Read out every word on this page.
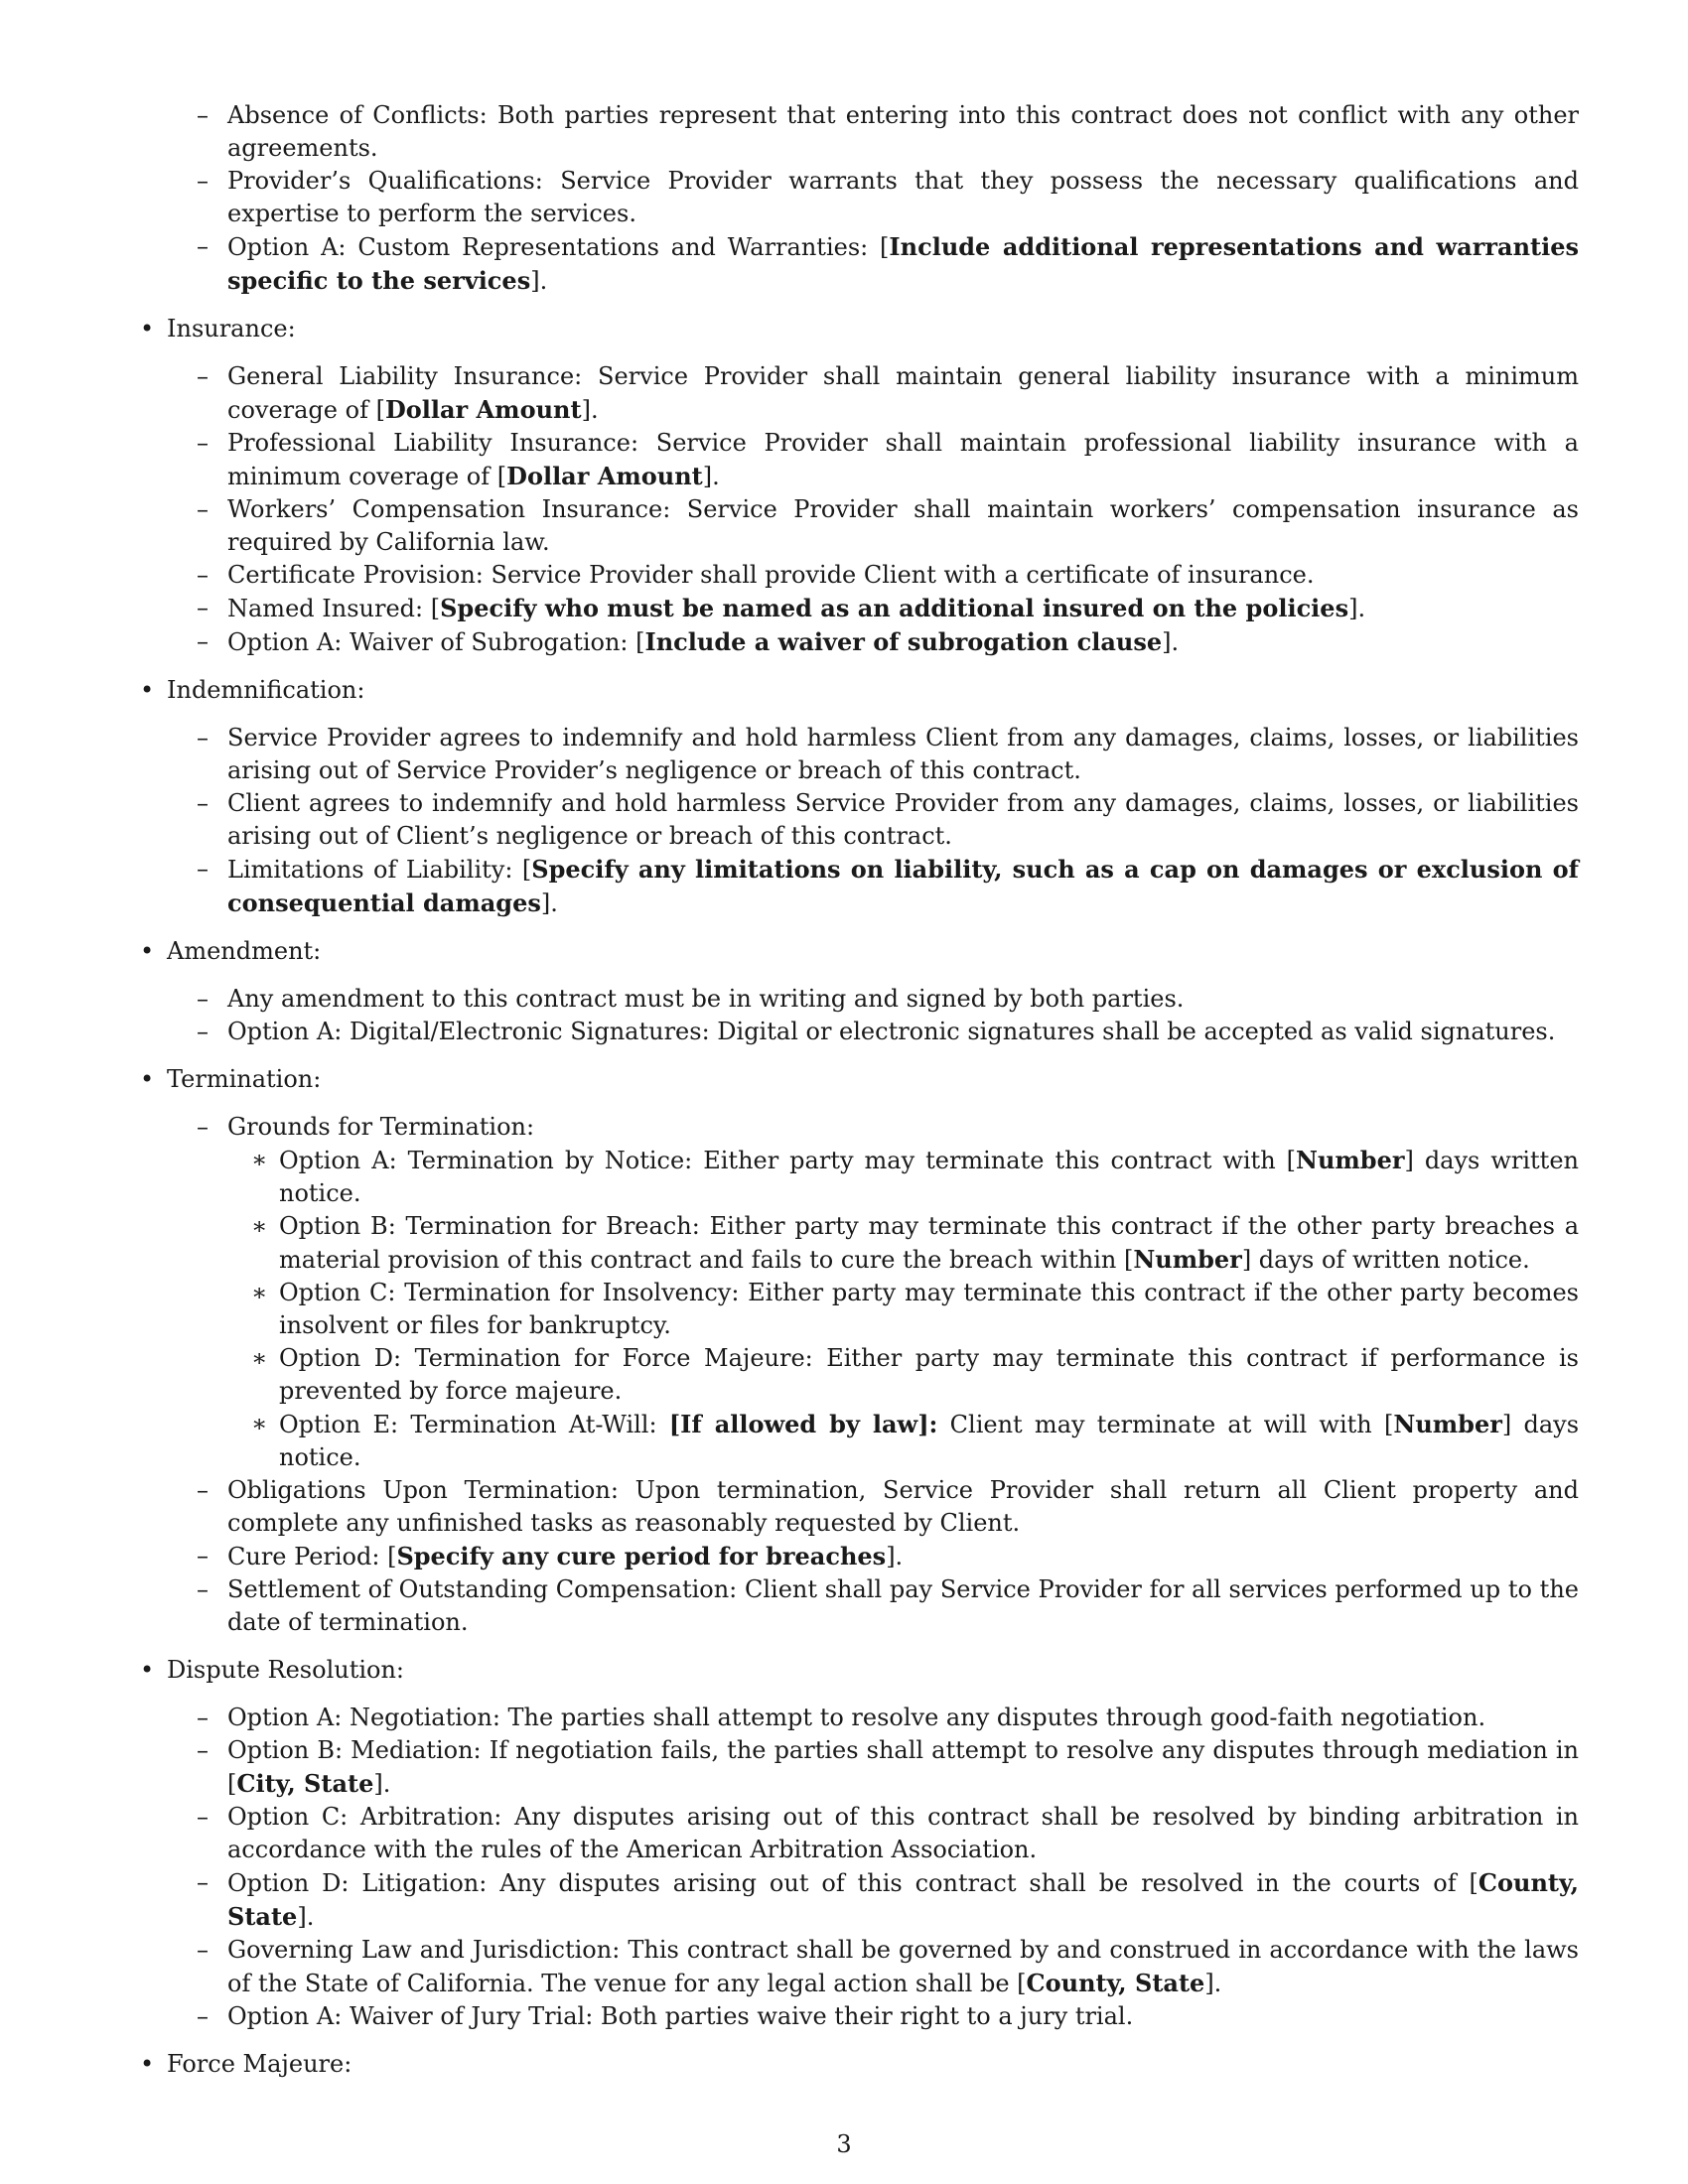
– Absence of Conflicts: Both parties represent that entering into this contract does not conflict with any other agreements.
– Provider’s Qualifications: Service Provider warrants that they possess the necessary qualifications and expertise to perform the services.
– Option A: Custom Representations and Warranties: [Include additional representations and warranties specific to the services].
• Insurance:
– General Liability Insurance: Service Provider shall maintain general liability insurance with a minimum coverage of [Dollar Amount].
– Professional Liability Insurance: Service Provider shall maintain professional liability insurance with a minimum coverage of [Dollar Amount].
– Workers’ Compensation Insurance: Service Provider shall maintain workers’ compensation insurance as required by California law.
– Certificate Provision: Service Provider shall provide Client with a certificate of insurance.
– Named Insured: [Specify who must be named as an additional insured on the policies].
– Option A: Waiver of Subrogation: [Include a waiver of subrogation clause].
• Indemnification:
– Service Provider agrees to indemnify and hold harmless Client from any damages, claims, losses, or liabilities arising out of Service Provider’s negligence or breach of this contract.
– Client agrees to indemnify and hold harmless Service Provider from any damages, claims, losses, or liabilities arising out of Client’s negligence or breach of this contract.
– Limitations of Liability: [Specify any limitations on liability, such as a cap on damages or exclusion of consequential damages].
• Amendment:
– Any amendment to this contract must be in writing and signed by both parties.
– Option A: Digital/Electronic Signatures: Digital or electronic signatures shall be accepted as valid signatures.
• Termination:
– Grounds for Termination:
∗ Option A: Termination by Notice: Either party may terminate this contract with [Number] days written notice.
∗ Option B: Termination for Breach: Either party may terminate this contract if the other party breaches a material provision of this contract and fails to cure the breach within [Number] days of written notice.
∗ Option C: Termination for Insolvency: Either party may terminate this contract if the other party becomes insolvent or files for bankruptcy.
∗ Option D: Termination for Force Majeure: Either party may terminate this contract if performance is prevented by force majeure.
∗ Option E: Termination At-Will: [If allowed by law]: Client may terminate at will with [Number] days notice.
– Obligations Upon Termination: Upon termination, Service Provider shall return all Client property and complete any unfinished tasks as reasonably requested by Client.
– Cure Period: [Specify any cure period for breaches].
– Settlement of Outstanding Compensation: Client shall pay Service Provider for all services performed up to the date of termination.
• Dispute Resolution:
– Option A: Negotiation: The parties shall attempt to resolve any disputes through good-faith negotiation.
– Option B: Mediation: If negotiation fails, the parties shall attempt to resolve any disputes through mediation in [City, State].
– Option C: Arbitration: Any disputes arising out of this contract shall be resolved by binding arbitration in accordance with the rules of the American Arbitration Association.
– Option D: Litigation: Any disputes arising out of this contract shall be resolved in the courts of [County, State].
– Governing Law and Jurisdiction: This contract shall be governed by and construed in accordance with the laws of the State of California. The venue for any legal action shall be [County, State].
– Option A: Waiver of Jury Trial: Both parties waive their right to a jury trial.
• Force Majeure:
3
